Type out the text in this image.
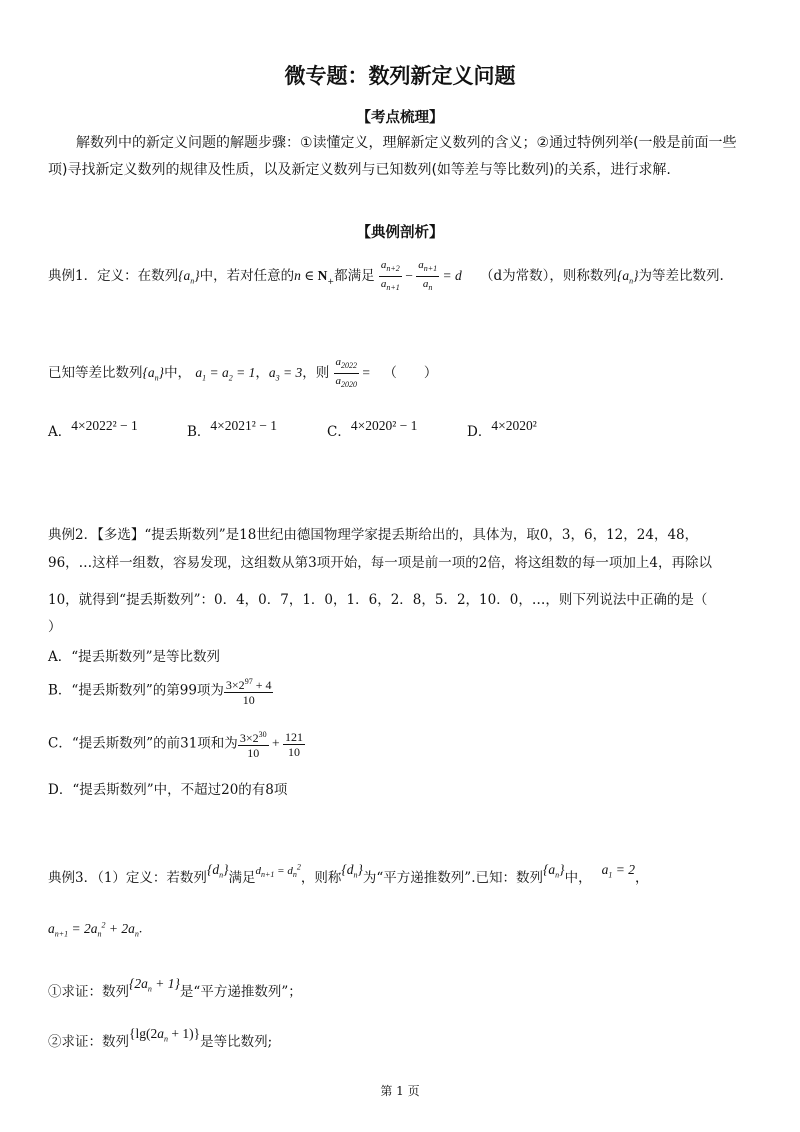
微专题：数列新定义问题
【考点梳理】
解数列中的新定义问题的解题步骤：①读懂定义，理解新定义数列的含义；②通过特例列举(一般是前面一些项)寻找新定义数列的规律及性质，以及新定义数列与已知数列(如等差与等比数列)的关系，进行求解.
【典例剖析】
典例1．定义：在数列$\{a_n\}$中，若对任意的n ∈ $N_+$都满足 $\frac{a_{n+2}}{a_{n+1}} - \frac{a_{n+1}}{a_n} = d$ （d为常数），则称数列$\{a_n\}$为等差比数列.
已知等差比数列$\{a_n\}$中， $a_1 = a_2 = 1$，$a_3 = 3$，则 $\frac{a_{2022}}{a_{2020}}$ = （　　）
A．4×2022² − 1	B．4×2021² − 1	C．4×2020² − 1	D．4×2020²
典例2．【多选】“提丢斯数列”是18世纪由德国物理学家提丢斯给出的，具体为，取0，3，6，12，24，48，
96，…这样一组数，容易发现，这组数从第3项开始，每一项是前一项的2倍，将这组数的每一项加上4，再除以
10，就得到“提丢斯数列”：0．4，0．7，1．0，1．6，2．8，5．2，10．0，…，则下列说法中正确的是（
）
A．“提丢斯数列”是等比数列
B．“提丢斯数列”的第99项为 $\frac{3\times 2^{97} + 4}{10}$
C．“提丢斯数列”的前31项和为 $\frac{3\times 2^{30}}{10} + \frac{121}{10}$
D．“提丢斯数列”中，不超过20的有8项
典例3．（1）定义：若数列$\{d_n\}$满足$^{d_{n+1} = d_n^2}$，则称$\{d_n\}$为“平方递推数列”.已知：数列$\{a_n\}$中，$a_1 = 2$，
$a_{n+1} = 2a_n^2 + 2a_n$.
①求证：数列$\{2a_n + 1\}$是“平方递推数列”；
②求证：数列$\{\lg(2a_n + 1)\}$是等比数列;
第 1 页
